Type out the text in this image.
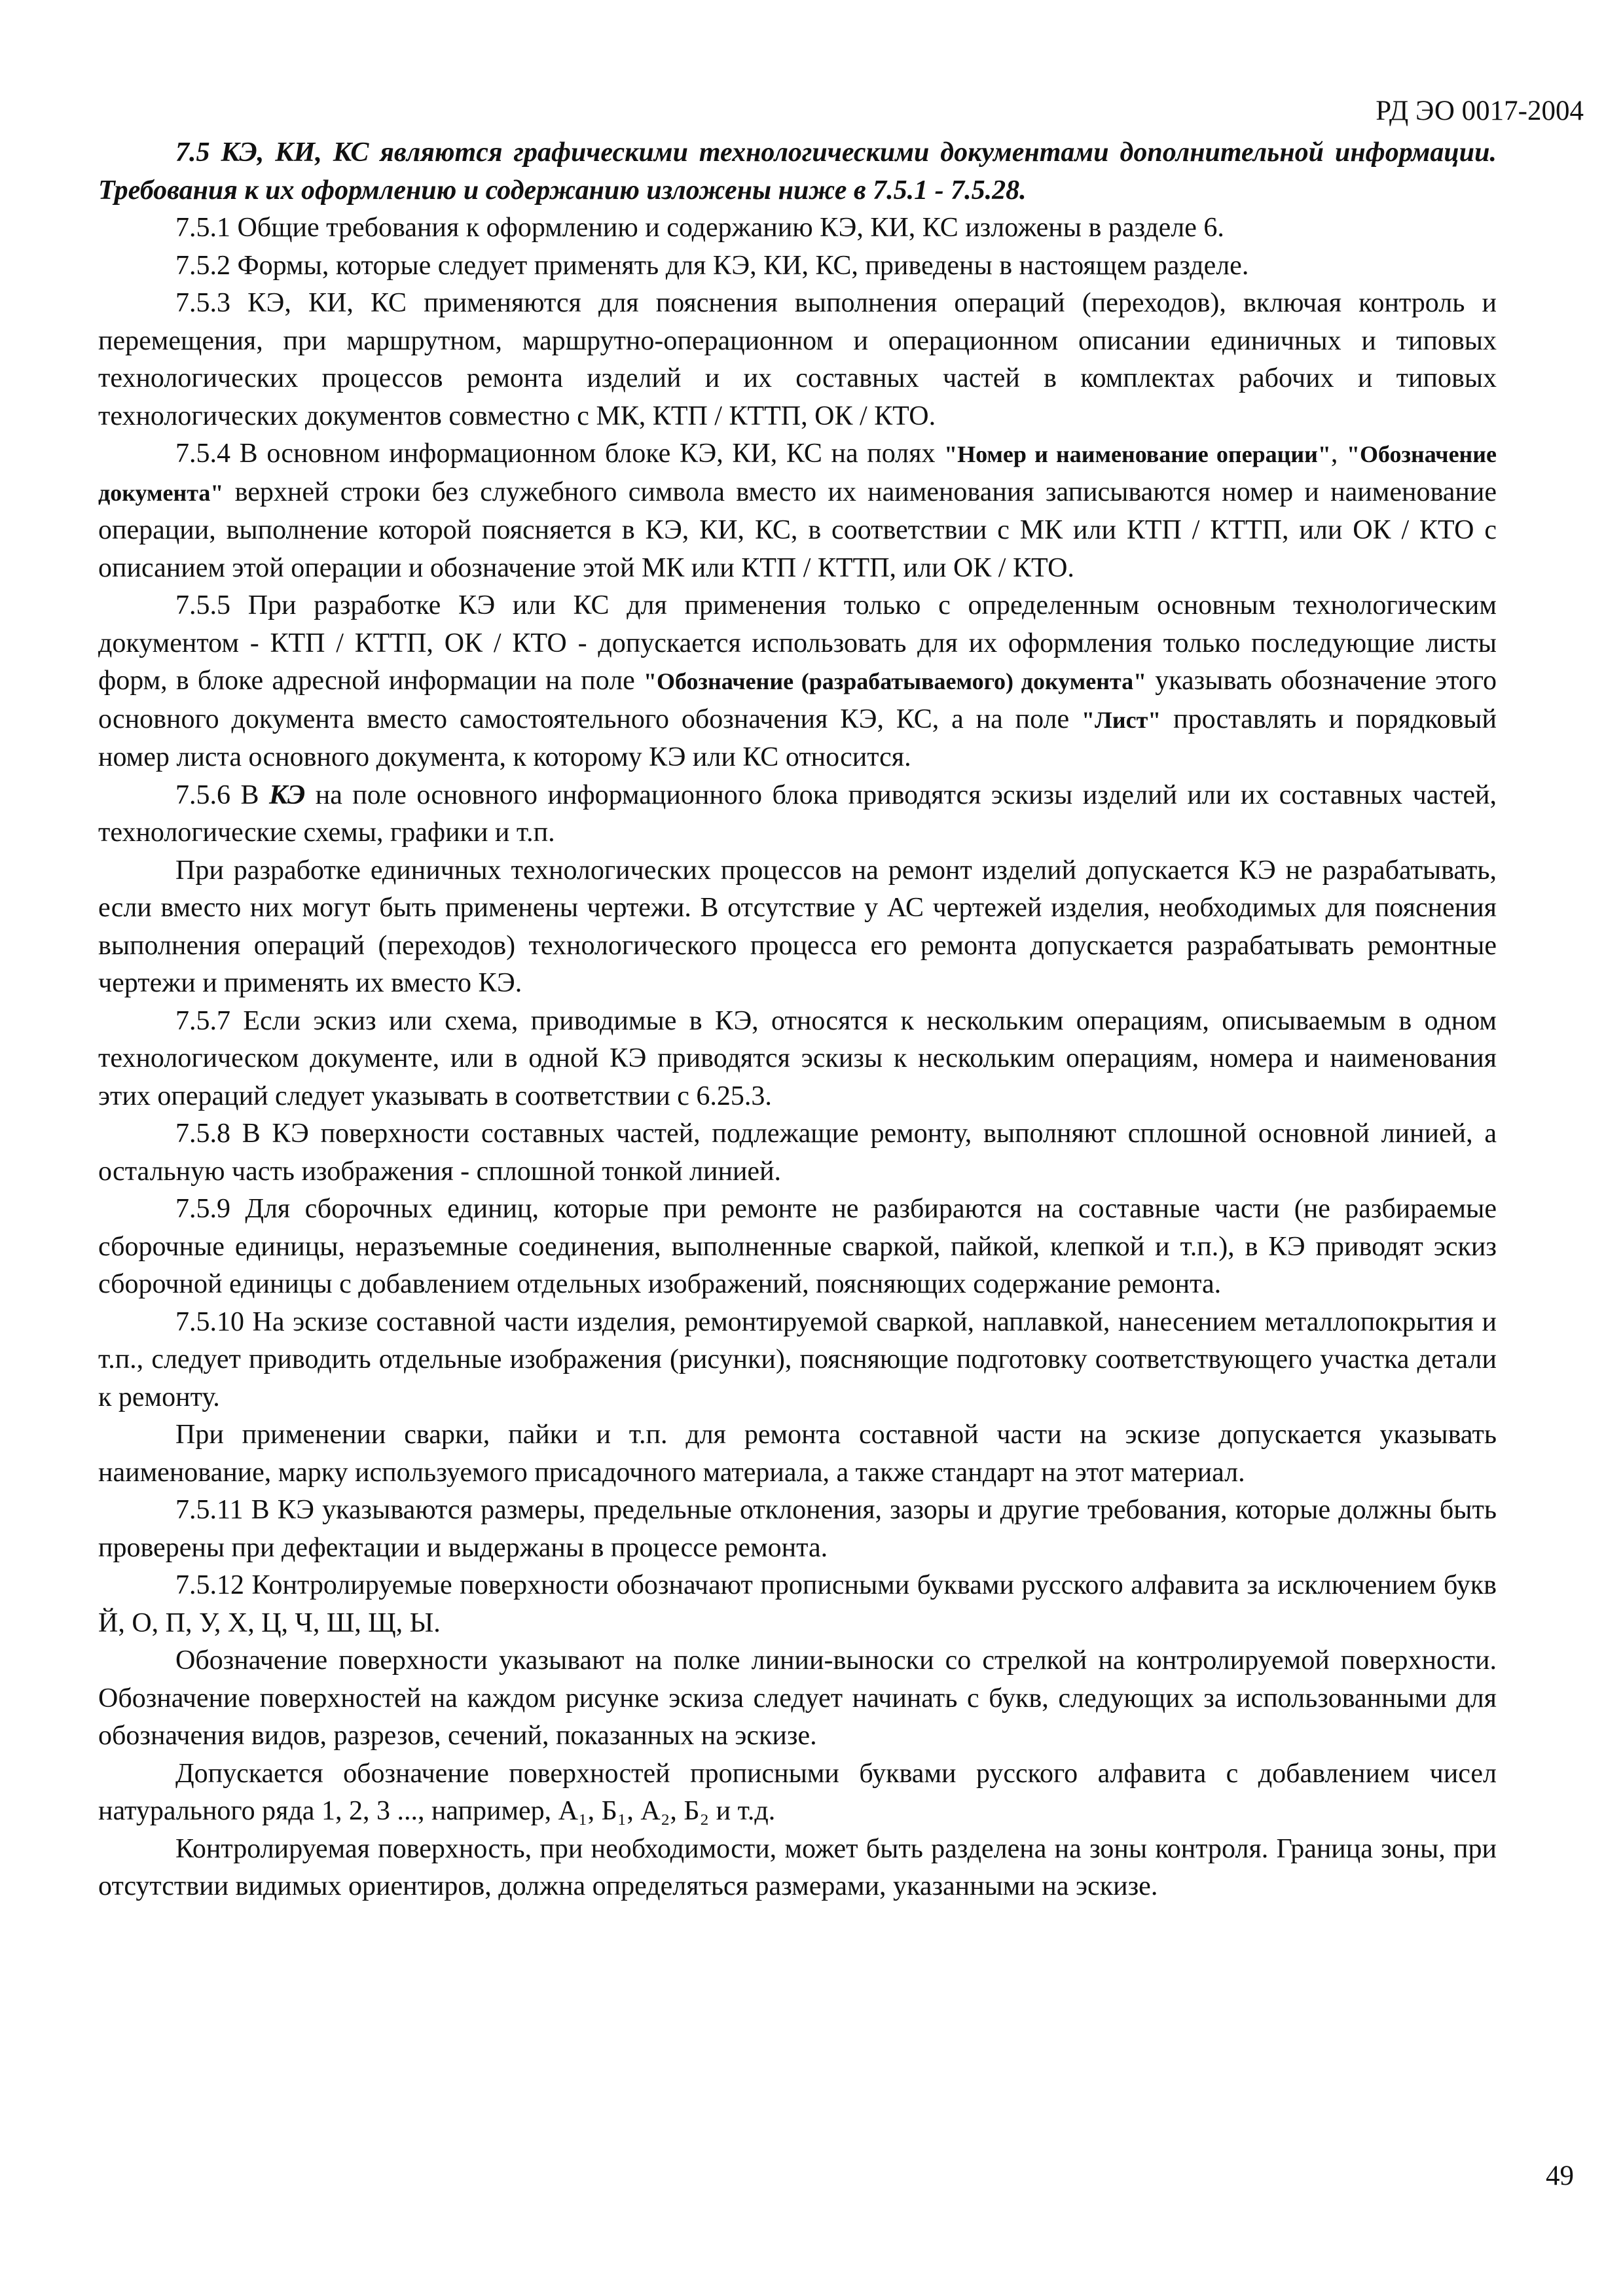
РД ЭО 0017-2004

7.5 КЭ, КИ, КС являются графическими технологическими документами дополнительной информации. Требования к их оформлению и содержанию изложены ниже в 7.5.1 - 7.5.28.

7.5.1 Общие требования к оформлению и содержанию КЭ, КИ, КС изложены в разделе 6.

7.5.2 Формы, которые следует применять для КЭ, КИ, КС, приведены в настоящем разделе.

7.5.3 КЭ, КИ, КС применяются для пояснения выполнения операций (переходов), включая контроль и перемещения, при маршрутном, маршрутно-операционном и операционном описании единичных и типовых технологических процессов ремонта изделий и их составных частей в комплектах рабочих и типовых технологических документов совместно с МК, КТП / КТТП, ОК / КТО.

7.5.4 В основном информационном блоке КЭ, КИ, КС на полях "Номер и наименование операции", "Обозначение документа" верхней строки без служебного символа вместо их наименования записываются номер и наименование операции, выполнение которой поясняется в КЭ, КИ, КС, в соответствии с МК или КТП / КТТП, или ОК / КТО с описанием этой операции и обозначение этой МК или КТП / КТТП, или ОК / КТО.

7.5.5 При разработке КЭ или КС для применения только с определенным основным технологическим документом - КТП / КТТП, ОК / КТО - допускается использовать для их оформления только последующие листы форм, в блоке адресной информации на поле "Обозначение (разрабатываемого) документа" указывать обозначение этого основного документа вместо самостоятельного обозначения КЭ, КС, а на поле "Лист" проставлять и порядковый номер листа основного документа, к которому КЭ или КС относится.

7.5.6 В КЭ на поле основного информационного блока приводятся эскизы изделий или их составных частей, технологические схемы, графики и т.п.

При разработке единичных технологических процессов на ремонт изделий допускается КЭ не разрабатывать, если вместо них могут быть применены чертежи. В отсутствие у АС чертежей изделия, необходимых для пояснения выполнения операций (переходов) технологического процесса его ремонта допускается разрабатывать ремонтные чертежи и применять их вместо КЭ.

7.5.7 Если эскиз или схема, приводимые в КЭ, относятся к нескольким операциям, описываемым в одном технологическом документе, или в одной КЭ приводятся эскизы к нескольким операциям, номера и наименования этих операций следует указывать в соответствии с 6.25.3.

7.5.8 В КЭ поверхности составных частей, подлежащие ремонту, выполняют сплошной основной линией, а остальную часть изображения - сплошной тонкой линией.

7.5.9 Для сборочных единиц, которые при ремонте не разбираются на составные части (не разбираемые сборочные единицы, неразъемные соединения, выполненные сваркой, пайкой, клепкой и т.п.), в КЭ приводят эскиз сборочной единицы с добавлением отдельных изображений, поясняющих содержание ремонта.

7.5.10 На эскизе составной части изделия, ремонтируемой сваркой, наплавкой, нанесением металлопокрытия и т.п., следует приводить отдельные изображения (рисунки), поясняющие подготовку соответствующего участка детали к ремонту.

При применении сварки, пайки и т.п. для ремонта составной части на эскизе допускается указывать наименование, марку используемого присадочного материала, а также стандарт на этот материал.

7.5.11 В КЭ указываются размеры, предельные отклонения, зазоры и другие требования, которые должны быть проверены при дефектации и выдержаны в процессе ремонта.

7.5.12 Контролируемые поверхности обозначают прописными буквами русского алфавита за исключением букв Й, О, П, У, Х, Ц, Ч, Ш, Щ, Ы.

Обозначение поверхности указывают на полке линии-выноски со стрелкой на контролируемой поверхности. Обозначение поверхностей на каждом рисунке эскиза следует начинать с букв, следующих за использованными для обозначения видов, разрезов, сечений, показанных на эскизе.

Допускается обозначение поверхностей прописными буквами русского алфавита с добавлением чисел натурального ряда 1, 2, 3 ..., например, А₁, Б₁, А₂, Б₂ и т.д.

Контролируемая поверхность, при необходимости, может быть разделена на зоны контроля. Граница зоны, при отсутствии видимых ориентиров, должна определяться размерами, указанными на эскизе.

49
